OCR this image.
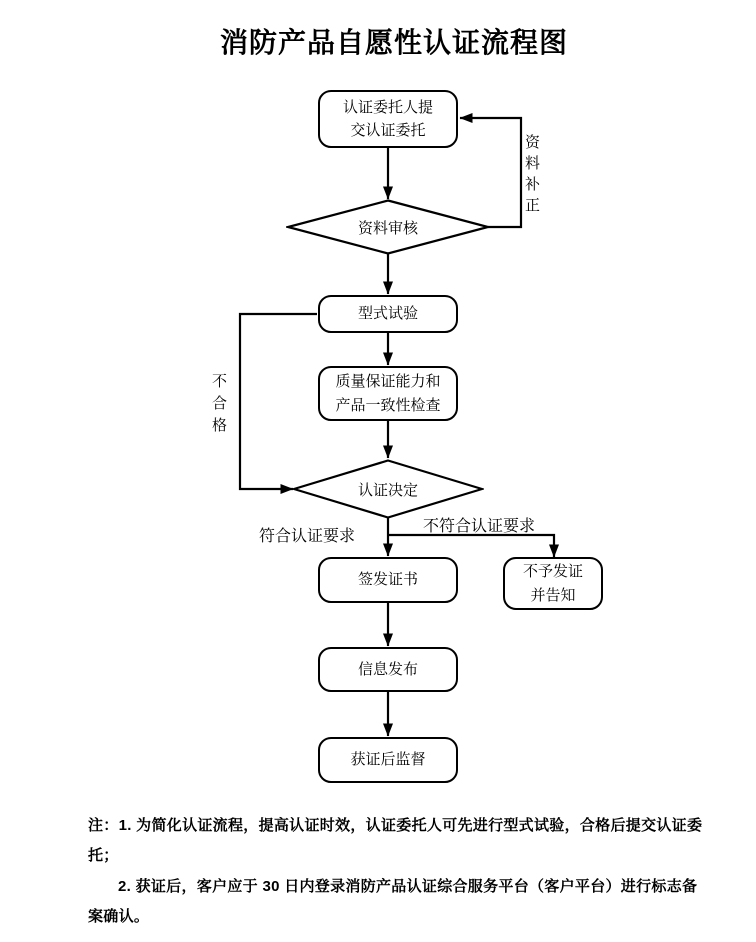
消防产品自愿性认证流程图
认证委托人提
交认证委托
资料审核
型式试验
质量保证能力和
产品一致性检查
认证决定
签发证书	不予发证
并告知
信息发布
获证后监督
资料补正
不合格
符合认证要求
不符合认证要求
注：1. 为简化认证流程，提高认证时效，认证委托人可先进行型式试验，合格后提交认证委
托；
2. 获证后，客户应于 30 日内登录消防产品认证综合服务平台（客户平台）进行标志备
案确认。
